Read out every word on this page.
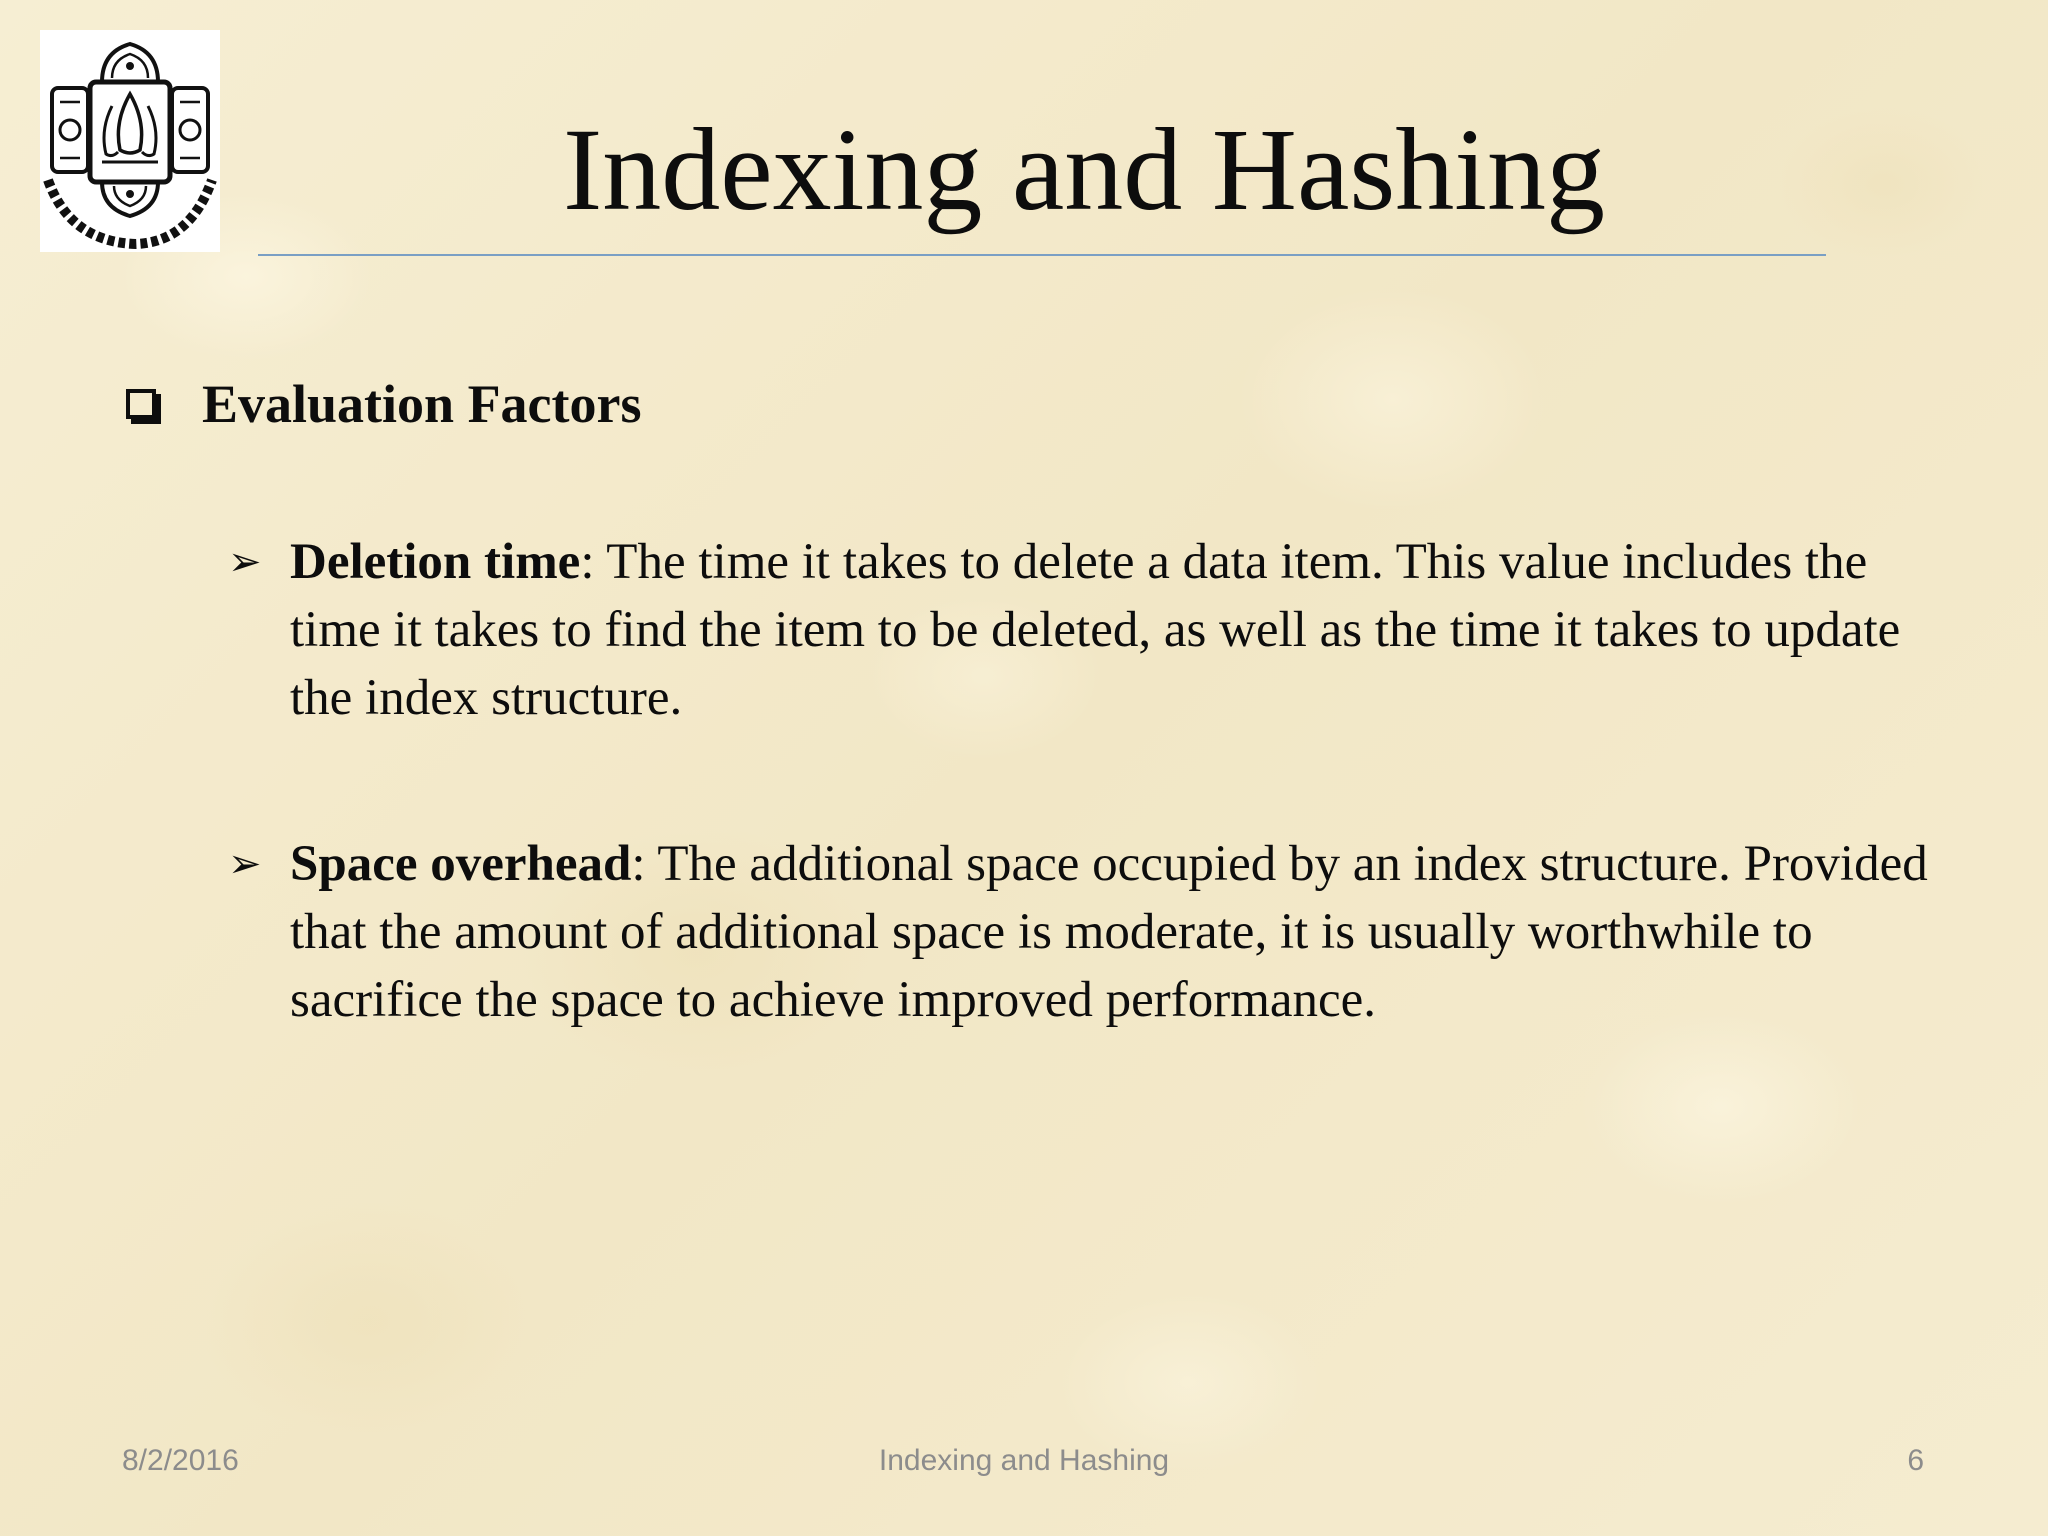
Indexing and Hashing
Evaluation Factors
➢ Deletion time: The time it takes to delete a data item. This value includes the time it takes to find the item to be deleted, as well as the time it takes to update the index structure.
➢ Space overhead: The additional space occupied by an index structure. Provided that the amount of additional space is moderate, it is usually worthwhile to sacrifice the space to achieve improved performance.
8/2/2016	Indexing and Hashing	6
